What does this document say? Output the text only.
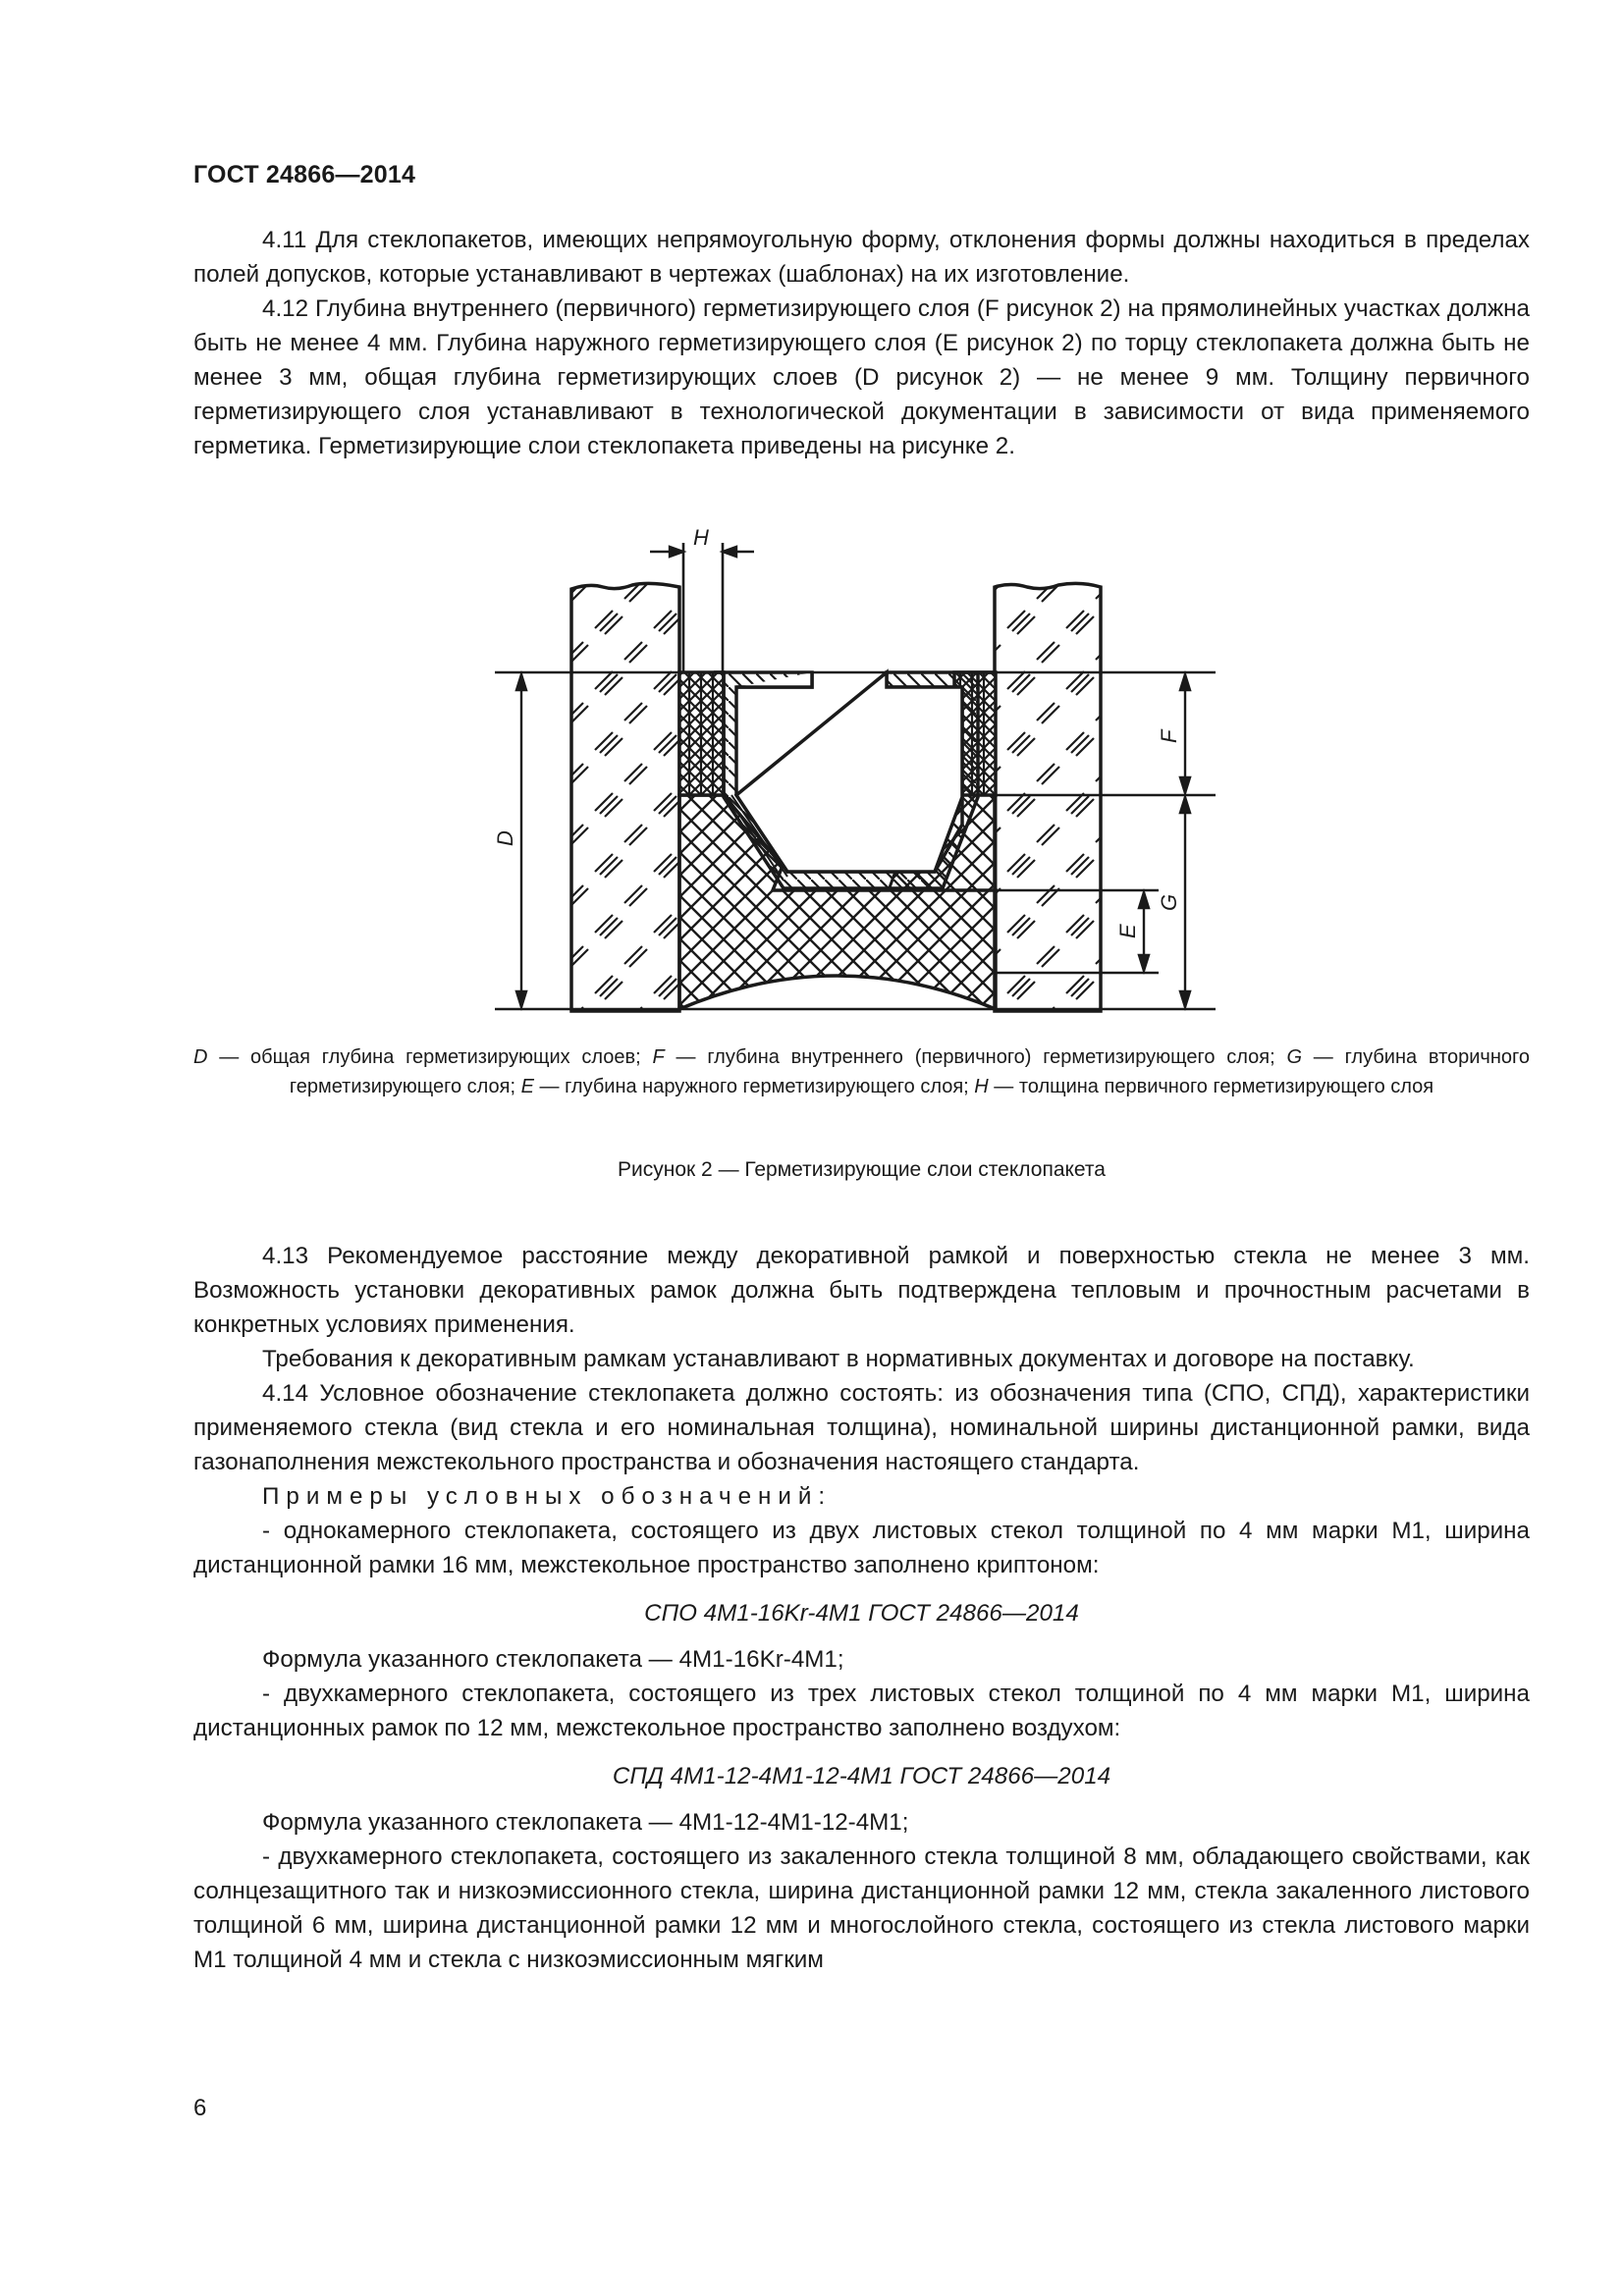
ГОСТ 24866—2014

4.11 Для стеклопакетов, имеющих непрямоугольную форму, отклонения формы должны находиться в пределах полей допусков, которые устанавливают в чертежах (шаблонах) на их изготовление.

4.12 Глубина внутреннего (первичного) герметизирующего слоя (F рисунок 2) на прямолинейных участках должна быть не менее 4 мм. Глубина наружного герметизирующего слоя (E рисунок 2) по торцу стеклопакета должна быть не менее 3 мм, общая глубина герметизирующих слоев (D рисунок 2) — не менее 9 мм. Толщину первичного герметизирующего слоя устанавливают в технологической документации в зависимости от вида применяемого герметика. Герметизирующие слои стеклопакета приведены на рисунке 2.

H
D
F
G
E
D — общая глубина герметизирующих слоев; F — глубина внутреннего (первичного) герметизирующего слоя; G — глубина вторичного герметизирующего слоя; E — глубина наружного герметизирующего слоя; H — толщина первичного герметизирующего слоя
Рисунок 2 — Герметизирующие слои стеклопакета

4.13 Рекомендуемое расстояние между декоративной рамкой и поверхностью стекла не менее 3 мм. Возможность установки декоративных рамок должна быть подтверждена тепловым и прочностным расчетами в конкретных условиях применения.

Требования к декоративным рамкам устанавливают в нормативных документах и договоре на поставку.

4.14 Условное обозначение стеклопакета должно состоять: из обозначения типа (СПО, СПД), характеристики применяемого стекла (вид стекла и его номинальная толщина), номинальной ширины дистанционной рамки, вида газонаполнения межстекольного пространства и обозначения настоящего стандарта.

Примеры условных обозначений:

- однокамерного стеклопакета, состоящего из двух листовых стекол толщиной по 4 мм марки М1, ширина дистанционной рамки 16 мм, межстекольное пространство заполнено криптоном:

СПО 4М1-16Kr-4М1 ГОСТ 24866—2014

Формула указанного стеклопакета — 4М1-16Kr-4М1;

- двухкамерного стеклопакета, состоящего из трех листовых стекол толщиной по 4 мм марки М1, ширина дистанционных рамок по 12 мм, межстекольное пространство заполнено воздухом:

СПД 4М1-12-4М1-12-4М1 ГОСТ 24866—2014

Формула указанного стеклопакета — 4М1-12-4М1-12-4М1;

- двухкамерного стеклопакета, состоящего из закаленного стекла толщиной 8 мм, обладающего свойствами, как солнцезащитного так и низкоэмиссионного стекла, ширина дистанционной рамки 12 мм, стекла закаленного листового толщиной 6 мм, ширина дистанционной рамки 12 мм и многослойного стекла, состоящего из стекла листового марки М1 толщиной 4 мм и стекла с низкоэмиссионным мягким

6
